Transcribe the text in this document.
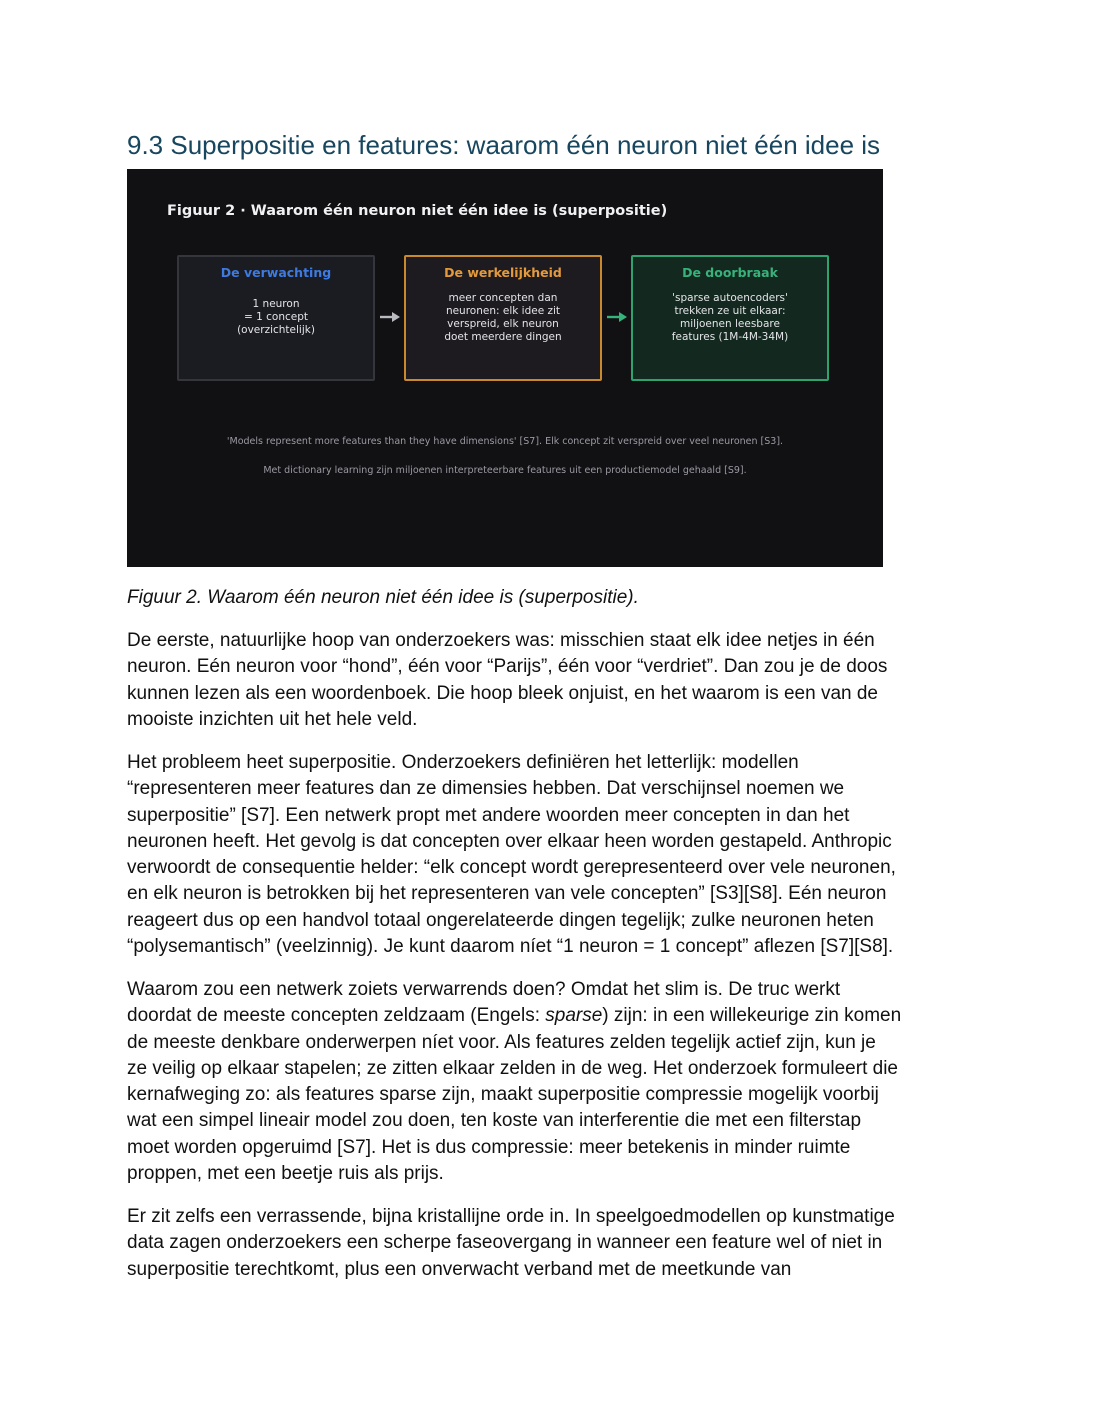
9.3 Superpositie en features: waarom één neuron niet één idee is
Figuur 2 · Waarom één neuron niet één idee is (superpositie)
De verwachting
1 neuron
= 1 concept
(overzichtelijk)
De werkelijkheid
meer concepten dan
neuronen: elk idee zit
verspreid, elk neuron
doet meerdere dingen
De doorbraak
'sparse autoencoders'
trekken ze uit elkaar:
miljoenen leesbare
features (1M-4M-34M)
'Models represent more features than they have dimensions' [S7]. Elk concept zit verspreid over veel neuronen [S3].
Met dictionary learning zijn miljoenen interpreteerbare features uit een productiemodel gehaald [S9].

Figuur 2. Waarom één neuron niet één idee is (superpositie).

De eerste, natuurlijke hoop van onderzoekers was: misschien staat elk idee netjes in één
neuron. Eén neuron voor “hond”, één voor “Parijs”, één voor “verdriet”. Dan zou je de doos
kunnen lezen als een woordenboek. Die hoop bleek onjuist, en het waarom is een van de
mooiste inzichten uit het hele veld.

Het probleem heet superpositie. Onderzoekers definiëren het letterlijk: modellen
“representeren meer features dan ze dimensies hebben. Dat verschijnsel noemen we
superpositie” [S7]. Een netwerk propt met andere woorden meer concepten in dan het
neuronen heeft. Het gevolg is dat concepten over elkaar heen worden gestapeld. Anthropic
verwoordt de consequentie helder: “elk concept wordt gerepresenteerd over vele neuronen,
en elk neuron is betrokken bij het representeren van vele concepten” [S3][S8]. Eén neuron
reageert dus op een handvol totaal ongerelateerde dingen tegelijk; zulke neuronen heten
“polysemantisch” (veelzinnig). Je kunt daarom níet “1 neuron = 1 concept” aflezen [S7][S8].

Waarom zou een netwerk zoiets verwarrends doen? Omdat het slim is. De truc werkt
doordat de meeste concepten zeldzaam (Engels: sparse) zijn: in een willekeurige zin komen
de meeste denkbare onderwerpen níet voor. Als features zelden tegelijk actief zijn, kun je
ze veilig op elkaar stapelen; ze zitten elkaar zelden in de weg. Het onderzoek formuleert die
kernafweging zo: als features sparse zijn, maakt superpositie compressie mogelijk voorbij
wat een simpel lineair model zou doen, ten koste van interferentie die met een filterstap
moet worden opgeruimd [S7]. Het is dus compressie: meer betekenis in minder ruimte
proppen, met een beetje ruis als prijs.

Er zit zelfs een verrassende, bijna kristallijne orde in. In speelgoedmodellen op kunstmatige
data zagen onderzoekers een scherpe faseovergang in wanneer een feature wel of niet in
superpositie terechtkomt, plus een onverwacht verband met de meetkunde van
